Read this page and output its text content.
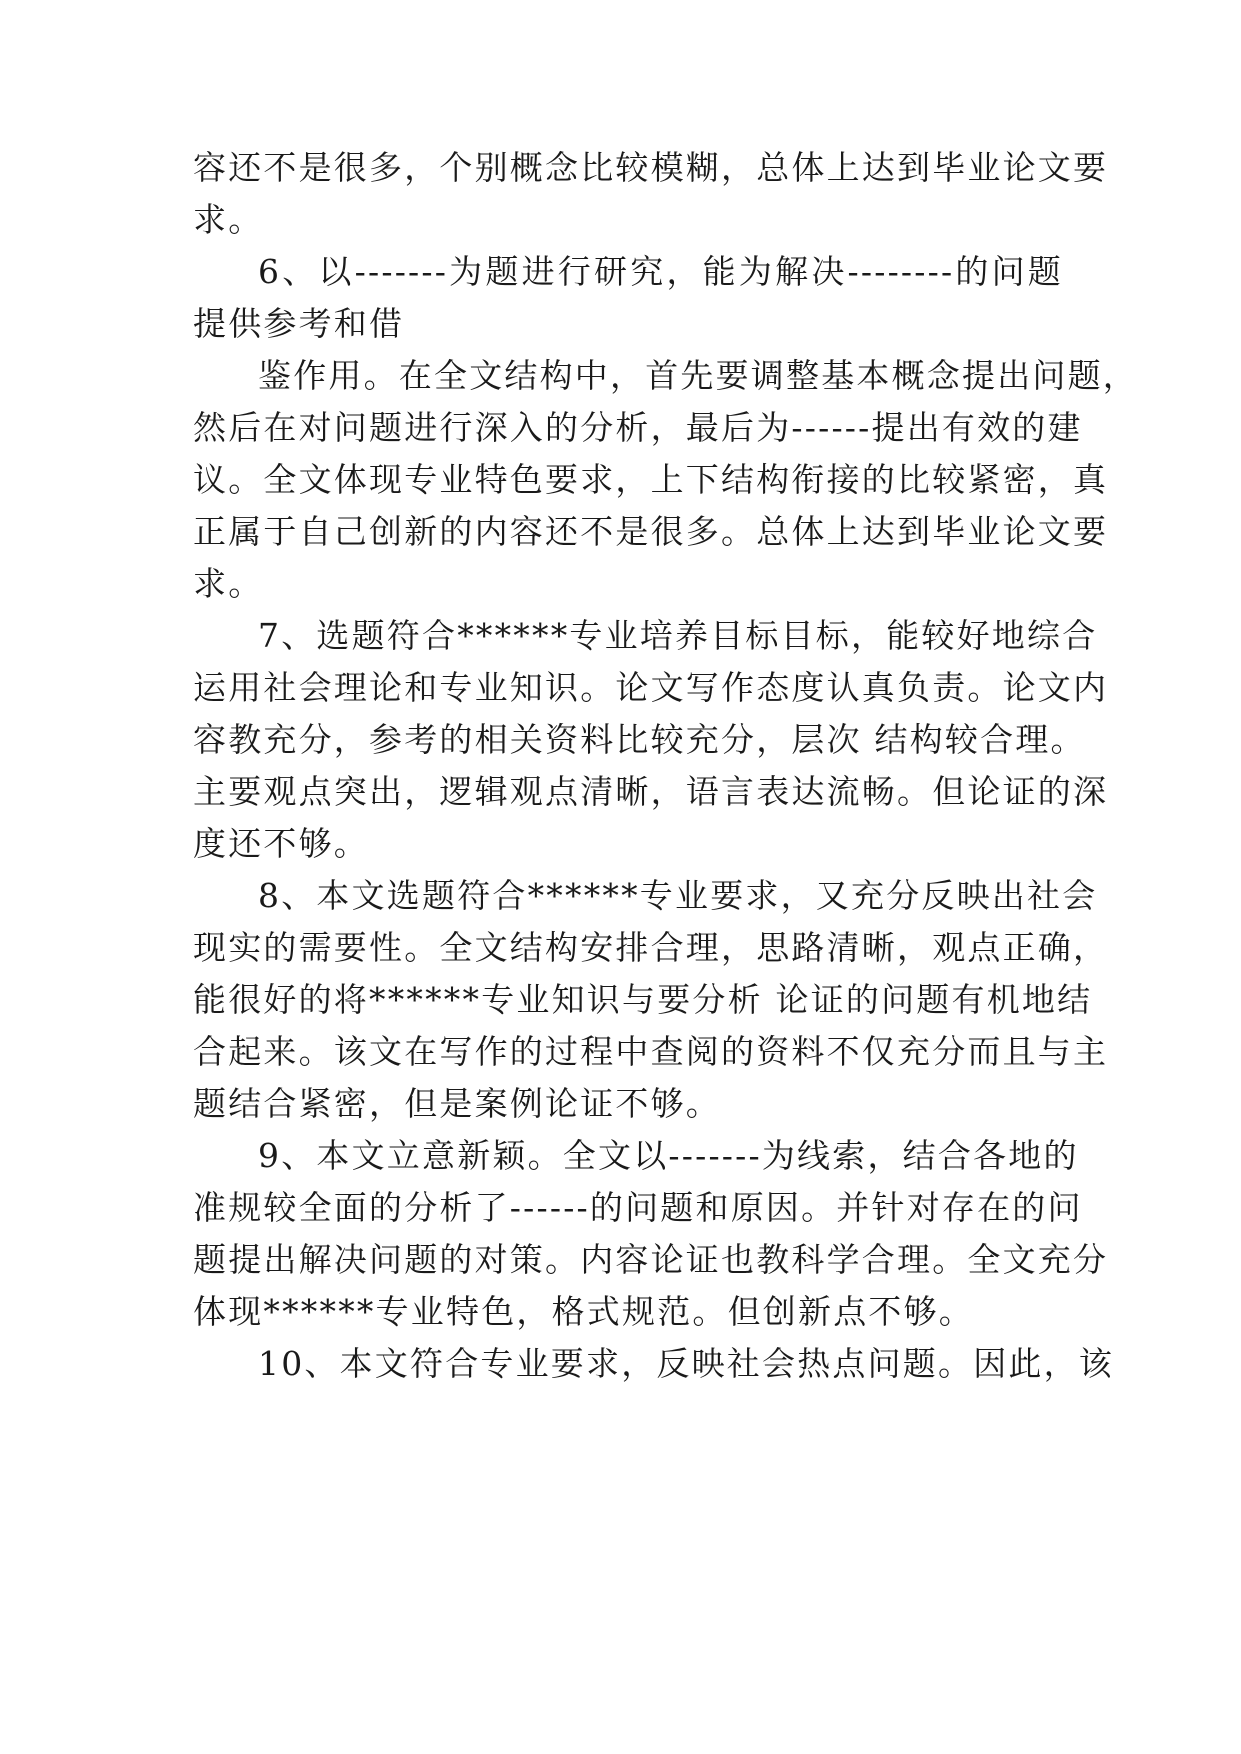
容还不是很多，个别概念比较模糊，总体上达到毕业论文要
求。
6、以-------为题进行研究，能为解决--------的问题
提供参考和借
鉴作用。在全文结构中，首先要调整基本概念提出问题，
然后在对问题进行深入的分析，最后为------提出有效的建
议。全文体现专业特色要求，上下结构衔接的比较紧密，真
正属于自己创新的内容还不是很多。总体上达到毕业论文要
求。
7、选题符合******专业培养目标目标，能较好地综合
运用社会理论和专业知识。论文写作态度认真负责。论文内
容教充分，参考的相关资料比较充分，层次 结构较合理。
主要观点突出，逻辑观点清晰，语言表达流畅。但论证的深
度还不够。
8、本文选题符合******专业要求，又充分反映出社会
现实的需要性。全文结构安排合理，思路清晰，观点正确，
能很好的将******专业知识与要分析 论证的问题有机地结
合起来。该文在写作的过程中查阅的资料不仅充分而且与主
题结合紧密，但是案例论证不够。
9、本文立意新颖。全文以-------为线索，结合各地的
准规较全面的分析了------的问题和原因。并针对存在的问
题提出解决问题的对策。内容论证也教科学合理。全文充分
体现******专业特色，格式规范。但创新点不够。
10、本文符合专业要求，反映社会热点问题。因此，该
